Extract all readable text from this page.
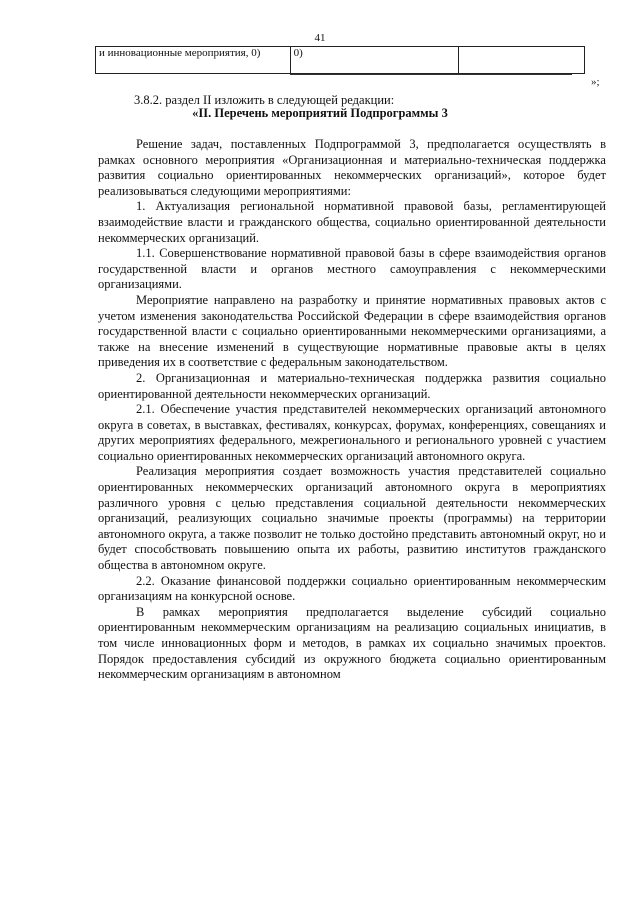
41
и инновационные мероприятия, 0)	0)	
»;
3.8.2. раздел II изложить в следующей редакции:
«II. Перечень мероприятий Подпрограммы 3

Решение задач, поставленных Подпрограммой 3, предполагается осуществлять в рамках основного мероприятия «Организационная и материально-техническая поддержка развития социально ориентированных некоммерческих организаций», которое будет реализовываться следующими мероприятиями:

1. Актуализация региональной нормативной правовой базы, регламентирующей взаимодействие власти и гражданского общества, социально ориентированной деятельности некоммерческих организаций.

1.1. Совершенствование нормативной правовой базы в сфере взаимодействия органов государственной власти и органов местного самоуправления с некоммерческими организациями.

Мероприятие направлено на разработку и принятие нормативных правовых актов с учетом изменения законодательства Российской Федерации в сфере взаимодействия органов государственной власти с социально ориентированными некоммерческими организациями, а также на внесение изменений в существующие нормативные правовые акты в целях приведения их в соответствие с федеральным законодательством.

2. Организационная и материально-техническая поддержка развития социально ориентированной деятельности некоммерческих организаций.

2.1. Обеспечение участия представителей некоммерческих организаций автономного округа в советах, в выставках, фестивалях, конкурсах, форумах, конференциях, совещаниях и других мероприятиях федерального, межрегионального и регионального уровней с участием социально ориентированных некоммерческих организаций автономного округа.

Реализация мероприятия создает возможность участия представителей социально ориентированных некоммерческих организаций автономного округа в мероприятиях различного уровня с целью представления социальной деятельности некоммерческих организаций, реализующих социально значимые проекты (программы) на территории автономного округа, а также позволит не только достойно представить автономный округ, но и будет способствовать повышению опыта их работы, развитию институтов гражданского общества в автономном округе.

2.2. Оказание финансовой поддержки социально ориентированным некоммерческим организациям на конкурсной основе.

В рамках мероприятия предполагается выделение субсидий социально ориентированным некоммерческим организациям на реализацию социальных инициатив, в том числе инновационных форм и методов, в рамках их социально значимых проектов. Порядок предоставления субсидий из окружного бюджета социально ориентированным некоммерческим организациям в автономном
